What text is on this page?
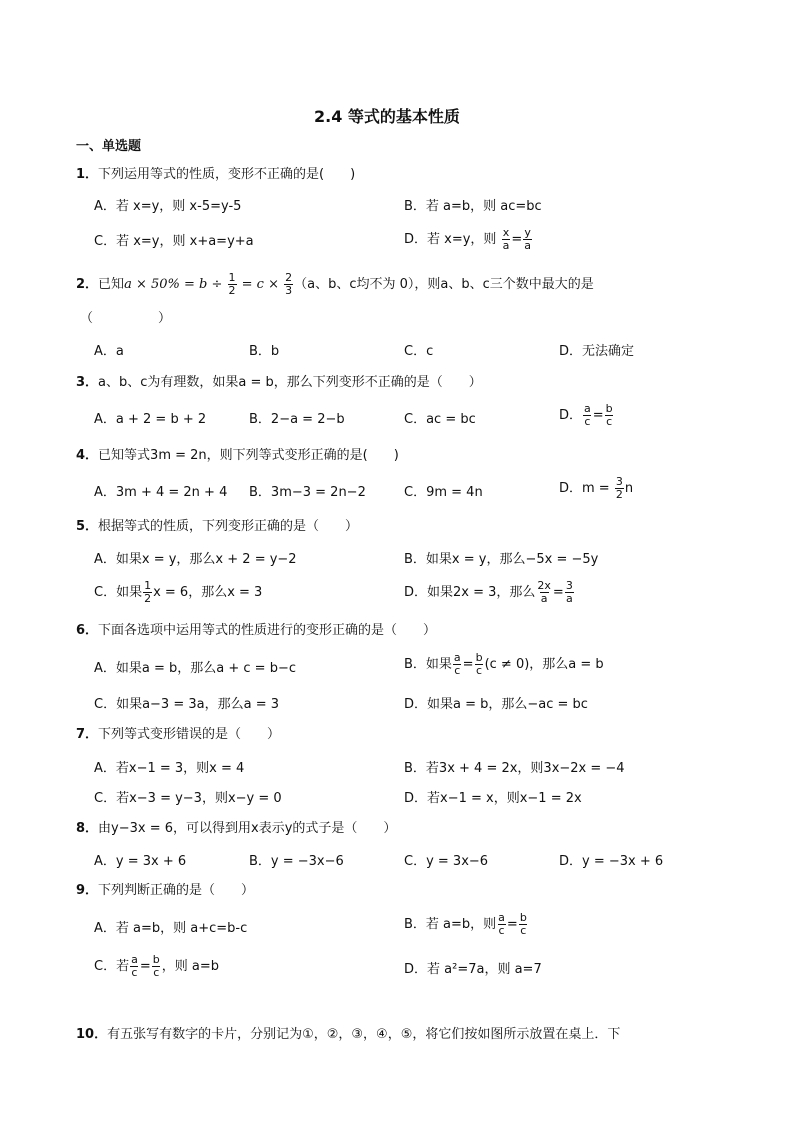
2.4 等式的基本性质
一、单选题
1．下列运用等式的性质，变形不正确的是(　　)
A．若 x=y，则 x-5=y-5	B．若 a=b，则 ac=bc
C．若 x=y，则 x+a=y+a	D．若 x=y，则 $\frac{x}{a} = \frac{y}{a}$
2．已知$a \times 50\% = b \div \frac{1}{2} = c \times \frac{2}{3} (a$、b、c均不为 0），则a、b、c三个数中最大的是
（　　　　　）
A．a	B．b	C．c	D．无法确定
3．a、b、c为有理数，如果a = b，那么下列变形不正确的是（　　）
A．a + 2 = b + 2	B．2−a = 2−b	C．ac = bc	D． $\frac{a}{c} = \frac{b}{c}$
4．已知等式3m = 2n，则下列等式变形正确的是(　　)
A．3m + 4 = 2n + 4 B．3m−3 = 2n−2	C．9m = 4n	D．$m = \frac{3}{2}$ n
5．根据等式的性质，下列变形正确的是（　　）
A．如果x = y，那么x + 2 = y−2	B．如果x = y，那么−5x = −5y
C．如果 $\frac{1}{2}$ x = 6，那么x = 3	D．如果2x = 3，那么 $\frac{2x}{a} = \frac{3}{a}$
6．下面各选项中运用等式的性质进行的变形正确的是（　　）
A．如果a = b，那么a + c = b−c	B．如果 $\frac{a}{c} = \frac{b}{c} (c \ne 0)$，那么a = b
C．如果a−3 = 3a，那么a = 3	D．如果a = b，那么−ac = bc
7．下列等式变形错误的是（　　）
A．若x−1 = 3，则x = 4	B．若3x + 4 = 2x，则3x−2x = −4
C．若x−3 = y−3，则x−y = 0	D．若x−1 = x，则x−1 = 2x
8．由y−3x = 6，可以得到用x表示y的式子是（　　）
A．y = 3x + 6	B．y = −3x−6	C．y = 3x−6	D．y = −3x + 6
9．下列判断正确的是（　　）
A．若 a=b，则 a+c=b-c	B．若 a=b，则 $\frac{a}{c} = \frac{b}{c}$
C．若 $\frac{a}{c} = \frac{b}{c}$ ，则 a=b	D．若 a²=7a，则 a=7
10．有五张写有数字的卡片，分别记为①，②，③，④，⑤，将它们按如图所示放置在桌上．下
